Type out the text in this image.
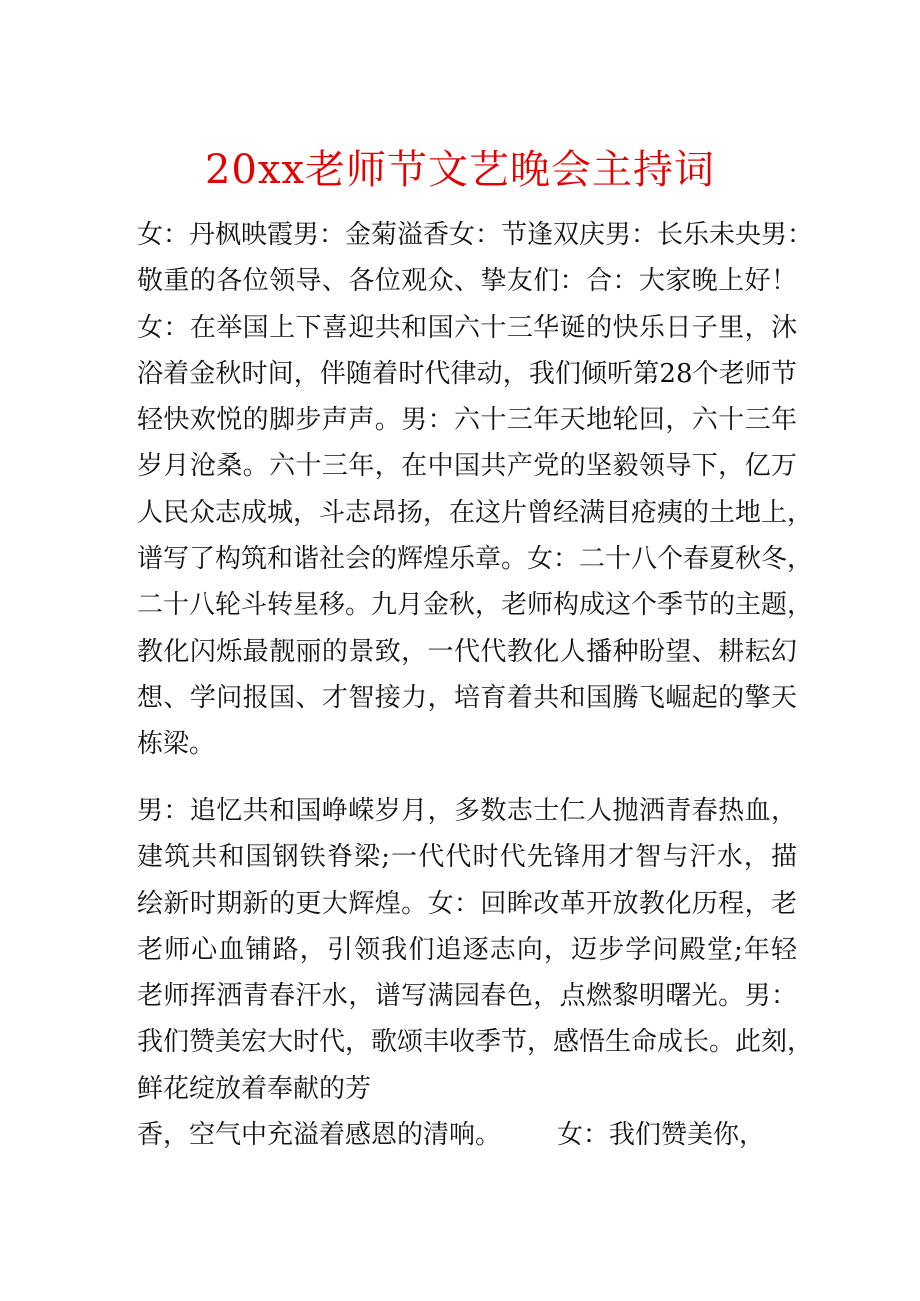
20xx老师节文艺晚会主持词
女：丹枫映霞男：金菊溢香女：节逢双庆男：长乐未央男：
敬重的各位领导、各位观众、挚友们：合：大家晚上好！
女：在举国上下喜迎共和国六十三华诞的快乐日子里，沐
浴着金秋时间，伴随着时代律动，我们倾听第28个老师节
轻快欢悦的脚步声声。男：六十三年天地轮回，六十三年
岁月沧桑。六十三年，在中国共产党的坚毅领导下，亿万
人民众志成城，斗志昂扬，在这片曾经满目疮痍的土地上，
谱写了构筑和谐社会的辉煌乐章。女：二十八个春夏秋冬，
二十八轮斗转星移。九月金秋，老师构成这个季节的主题，
教化闪烁最靓丽的景致，一代代教化人播种盼望、耕耘幻
想、学问报国、才智接力，培育着共和国腾飞崛起的擎天
栋梁。
男：追忆共和国峥嵘岁月，多数志士仁人抛洒青春热血，
建筑共和国钢铁脊梁;一代代时代先锋用才智与汗水，描
绘新时期新的更大辉煌。女：回眸改革开放教化历程，老
老师心血铺路，引领我们追逐志向，迈步学问殿堂;年轻
老师挥洒青春汗水，谱写满园春色，点燃黎明曙光。男：
我们赞美宏大时代，歌颂丰收季节，感悟生命成长。此刻，
鲜花绽放着奉献的芳
香，空气中充溢着感恩的清响。 女：我们赞美你，
